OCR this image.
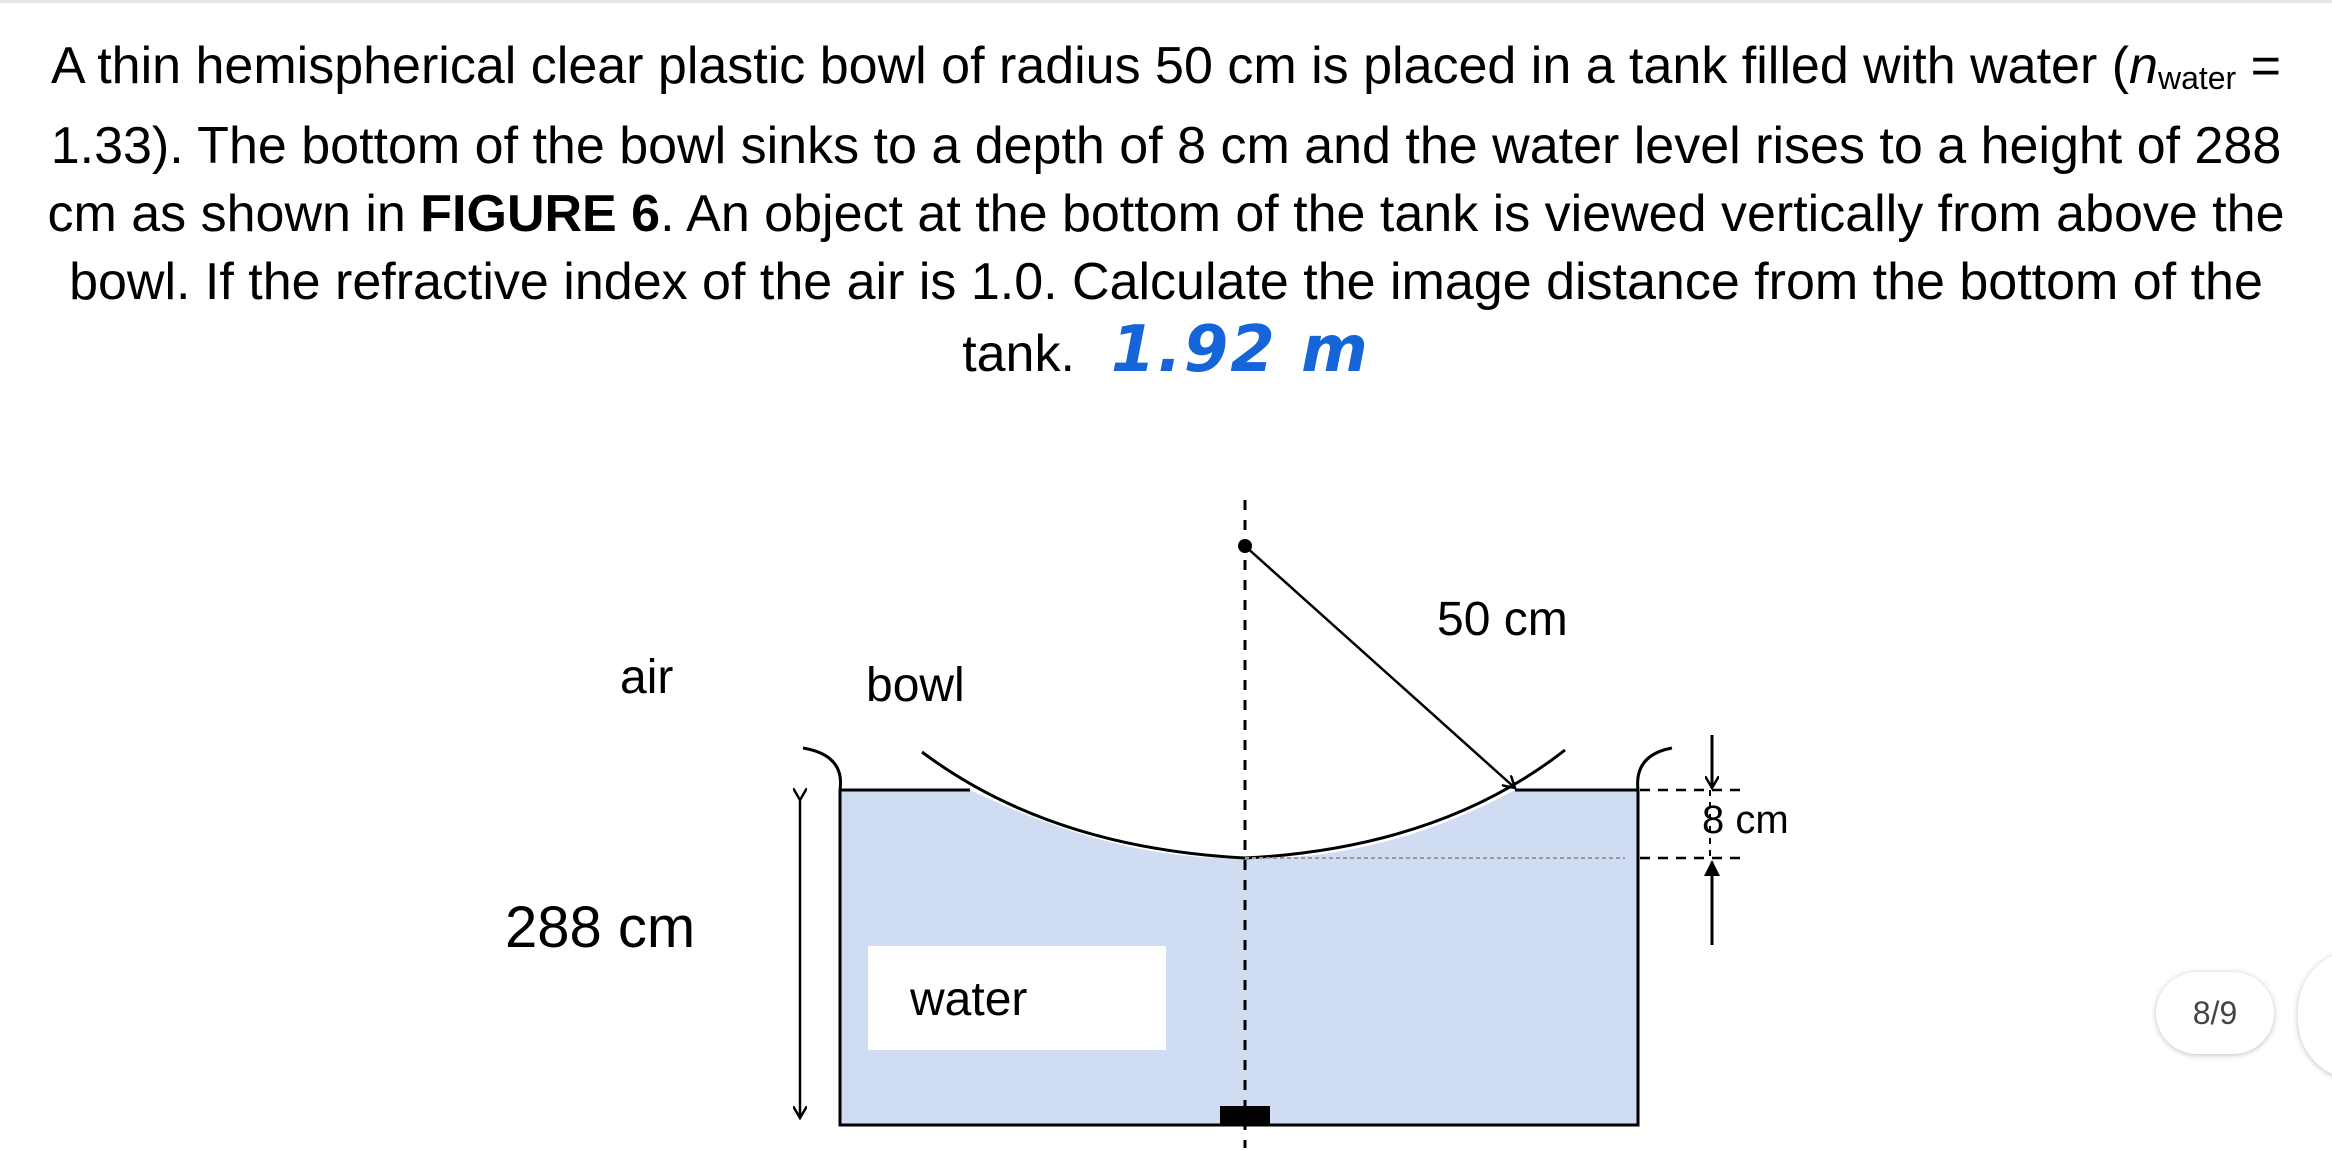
A thin hemispherical clear plastic bowl of radius 50 cm is placed in a tank filled with water $(n_{water} = 1.33)$. The bottom of the bowl sinks to a depth of 8 cm and the water level rises to a height of 288 cm as shown in FIGURE 6. An object at the bottom of the tank is viewed vertically from above the bowl. If the refractive index of the air is 1.0. Calculate the image distance from the bottom of the tank. 1.92 m
air	bowl
50 cm
8 cm
288 cm
water	8/9
